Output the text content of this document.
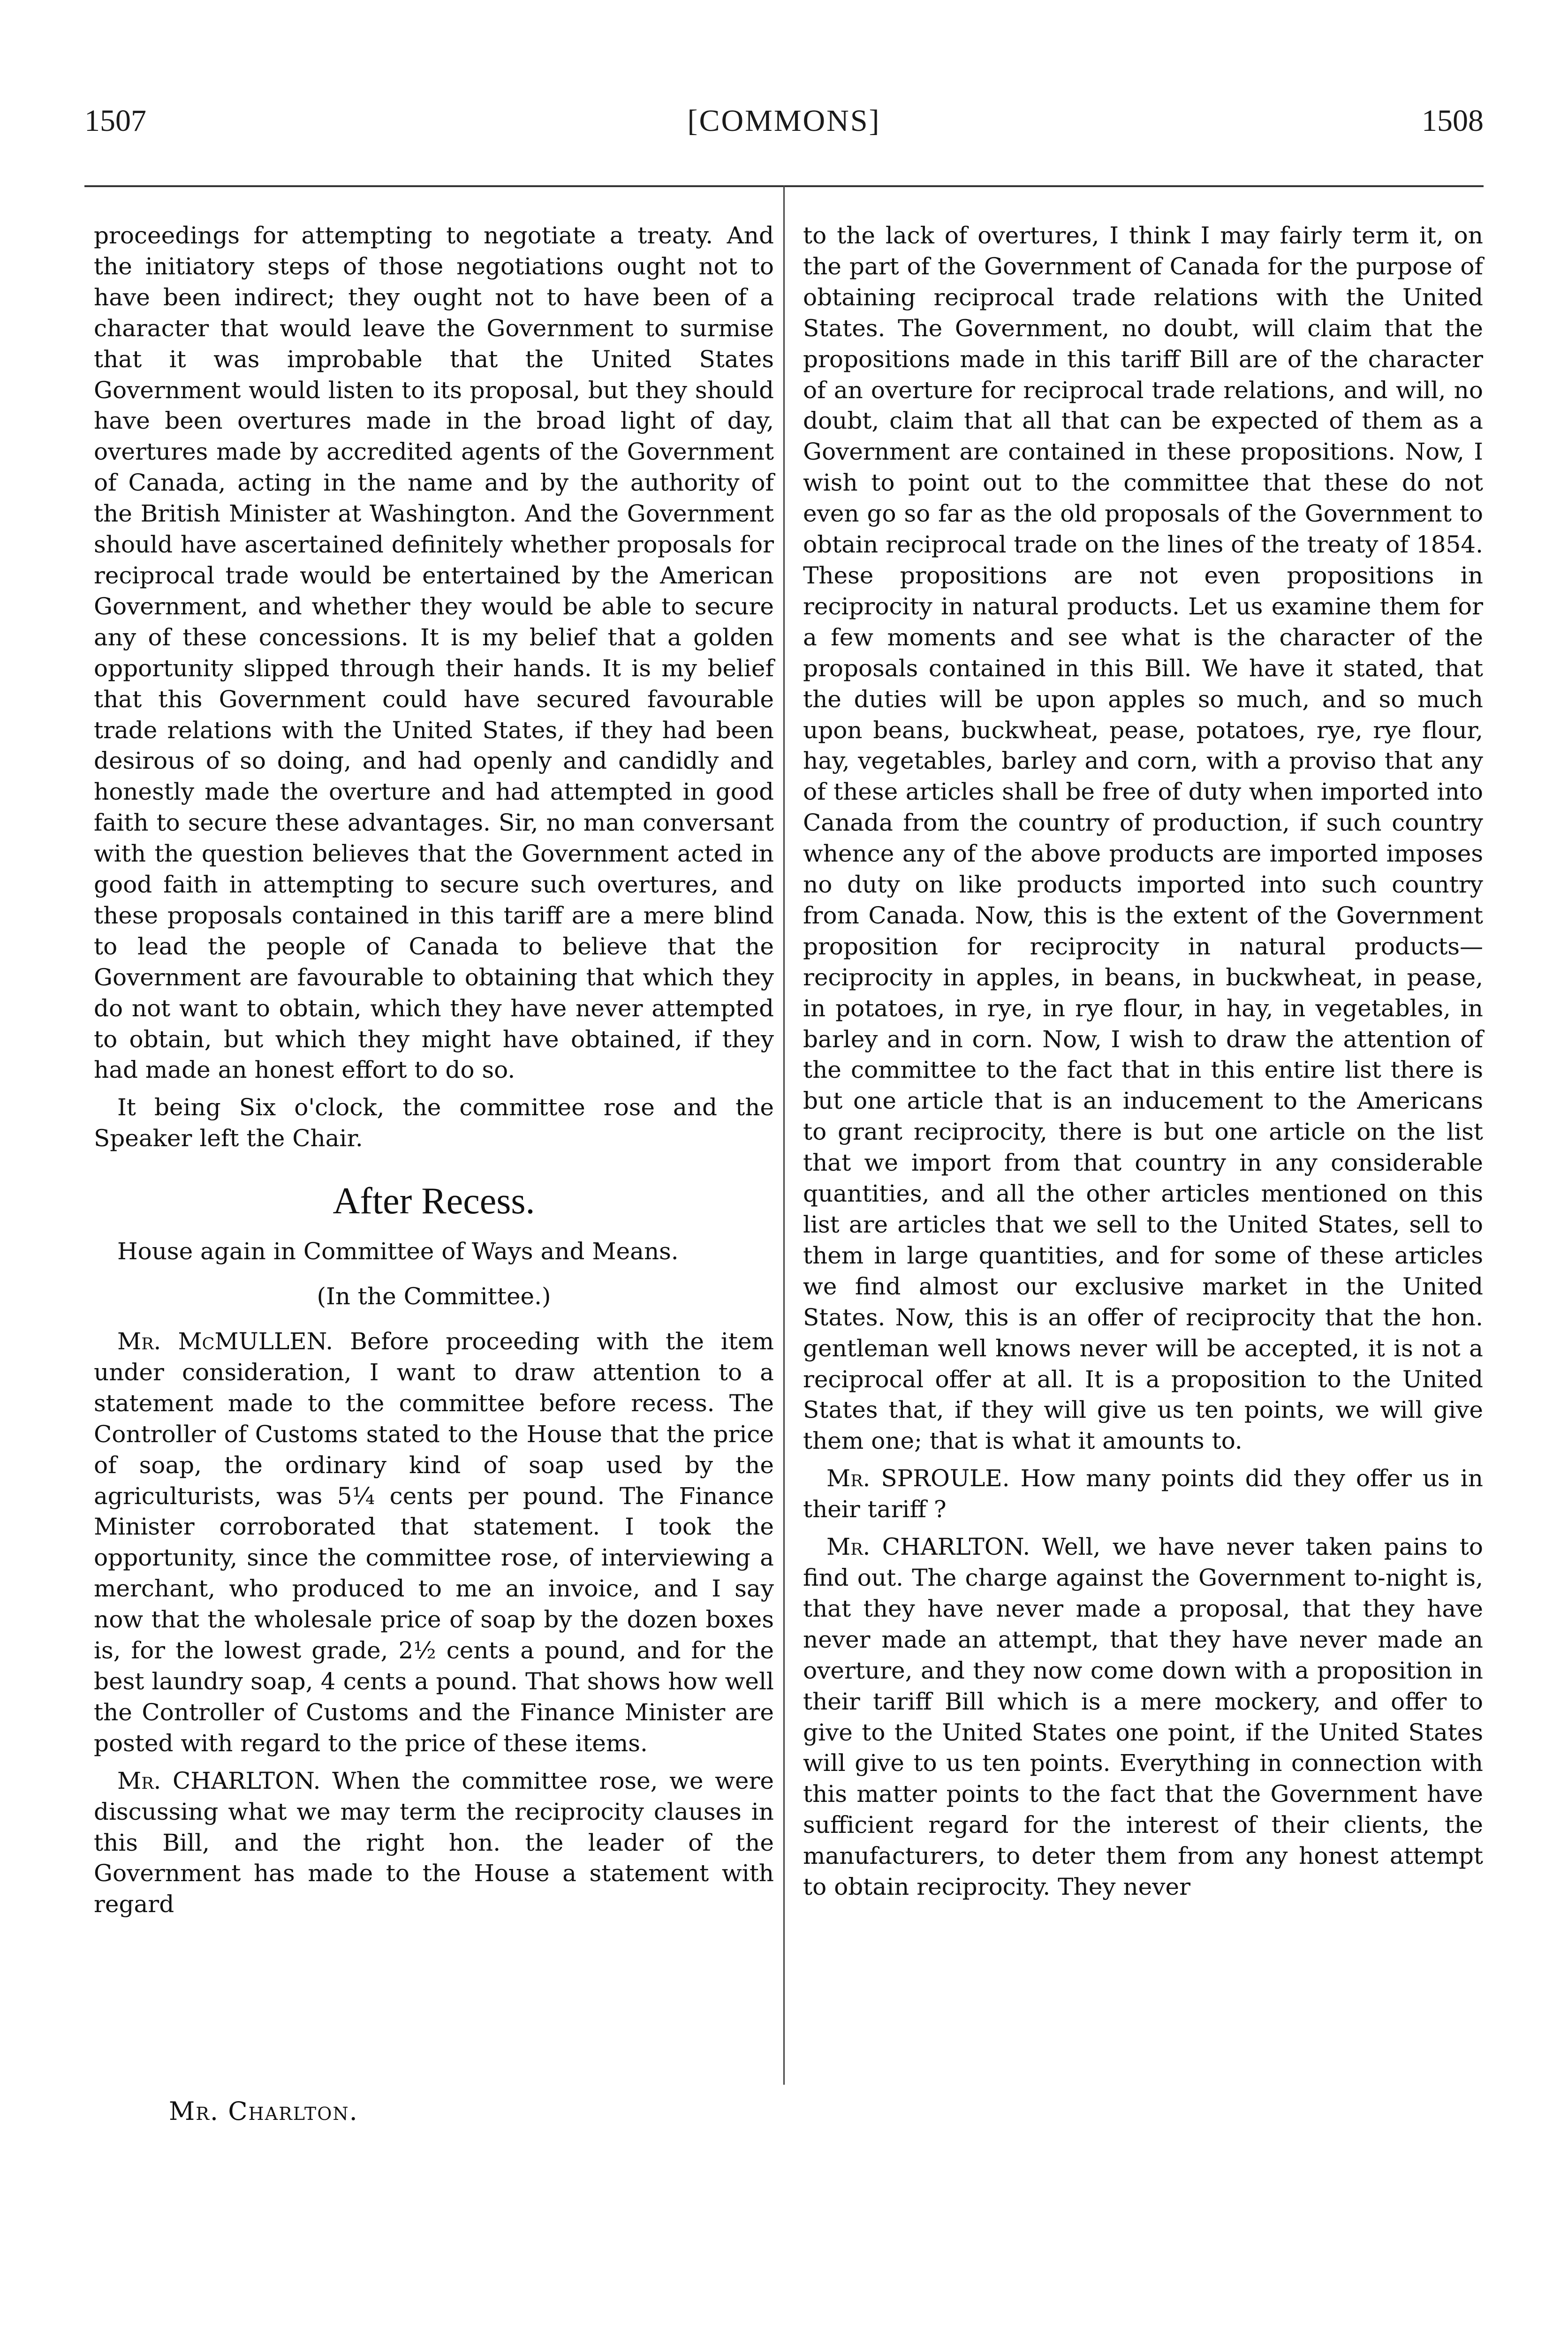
1507	[COMMONS]	1508

proceedings for attempting to negotiate a treaty. And the initiatory steps of those negotiations ought not to have been indirect; they ought not to have been of a character that would leave the Government to surmise that it was improbable that the United States Government would listen to its proposal, but they should have been overtures made in the broad light of day, overtures made by accredited agents of the Government of Canada, acting in the name and by the authority of the British Minister at Washington. And the Government should have ascertained definitely whether proposals for reciprocal trade would be entertained by the American Government, and whether they would be able to secure any of these concessions. It is my belief that a golden opportunity slipped through their hands. It is my belief that this Government could have secured favourable trade relations with the United States, if they had been desirous of so doing, and had openly and candidly and honestly made the overture and had attempted in good faith to secure these advantages. Sir, no man conversant with the question believes that the Government acted in good faith in attempting to secure such overtures, and these proposals contained in this tariff are a mere blind to lead the people of Canada to believe that the Government are favourable to obtaining that which they do not want to obtain, which they have never attempted to obtain, but which they might have obtained, if they had made an honest effort to do so.

It being Six o'clock, the committee rose and the Speaker left the Chair.

After Recess.

House again in Committee of Ways and Means.

(In the Committee.)

Mr. McMULLEN. Before proceeding with the item under consideration, I want to draw attention to a statement made to the committee before recess. The Controller of Customs stated to the House that the price of soap, the ordinary kind of soap used by the agriculturists, was 5¼ cents per pound. The Finance Minister corroborated that statement. I took the opportunity, since the committee rose, of interviewing a merchant, who produced to me an invoice, and I say now that the wholesale price of soap by the dozen boxes is, for the lowest grade, 2½ cents a pound, and for the best laundry soap, 4 cents a pound. That shows how well the Controller of Customs and the Finance Minister are posted with regard to the price of these items.

Mr. CHARLTON. When the committee rose, we were discussing what we may term the reciprocity clauses in this Bill, and the right hon. the leader of the Government has made to the House a statement with regard

to the lack of overtures, I think I may fairly term it, on the part of the Government of Canada for the purpose of obtaining reciprocal trade relations with the United States. The Government, no doubt, will claim that the propositions made in this tariff Bill are of the character of an overture for reciprocal trade relations, and will, no doubt, claim that all that can be expected of them as a Government are contained in these propositions. Now, I wish to point out to the committee that these do not even go so far as the old proposals of the Government to obtain reciprocal trade on the lines of the treaty of 1854. These propositions are not even propositions in reciprocity in natural products. Let us examine them for a few moments and see what is the character of the proposals contained in this Bill. We have it stated, that the duties will be upon apples so much, and so much upon beans, buckwheat, pease, potatoes, rye, rye flour, hay, vegetables, barley and corn, with a proviso that any of these articles shall be free of duty when imported into Canada from the country of production, if such country whence any of the above products are imported imposes no duty on like products imported into such country from Canada. Now, this is the extent of the Government proposition for reciprocity in natural products—reciprocity in apples, in beans, in buckwheat, in pease, in potatoes, in rye, in rye flour, in hay, in vegetables, in barley and in corn. Now, I wish to draw the attention of the committee to the fact that in this entire list there is but one article that is an inducement to the Americans to grant reciprocity, there is but one article on the list that we import from that country in any considerable quantities, and all the other articles mentioned on this list are articles that we sell to the United States, sell to them in large quantities, and for some of these articles we find almost our exclusive market in the United States. Now, this is an offer of reciprocity that the hon. gentleman well knows never will be accepted, it is not a reciprocal offer at all. It is a proposition to the United States that, if they will give us ten points, we will give them one; that is what it amounts to.

Mr. SPROULE. How many points did they offer us in their tariff ?

Mr. CHARLTON. Well, we have never taken pains to find out. The charge against the Government to-night is, that they have never made a proposal, that they have never made an attempt, that they have never made an overture, and they now come down with a proposition in their tariff Bill which is a mere mockery, and offer to give to the United States one point, if the United States will give to us ten points. Everything in connection with this matter points to the fact that the Government have sufficient regard for the interest of their clients, the manufacturers, to deter them from any honest attempt to obtain reciprocity. They never

Mr. Charlton.
